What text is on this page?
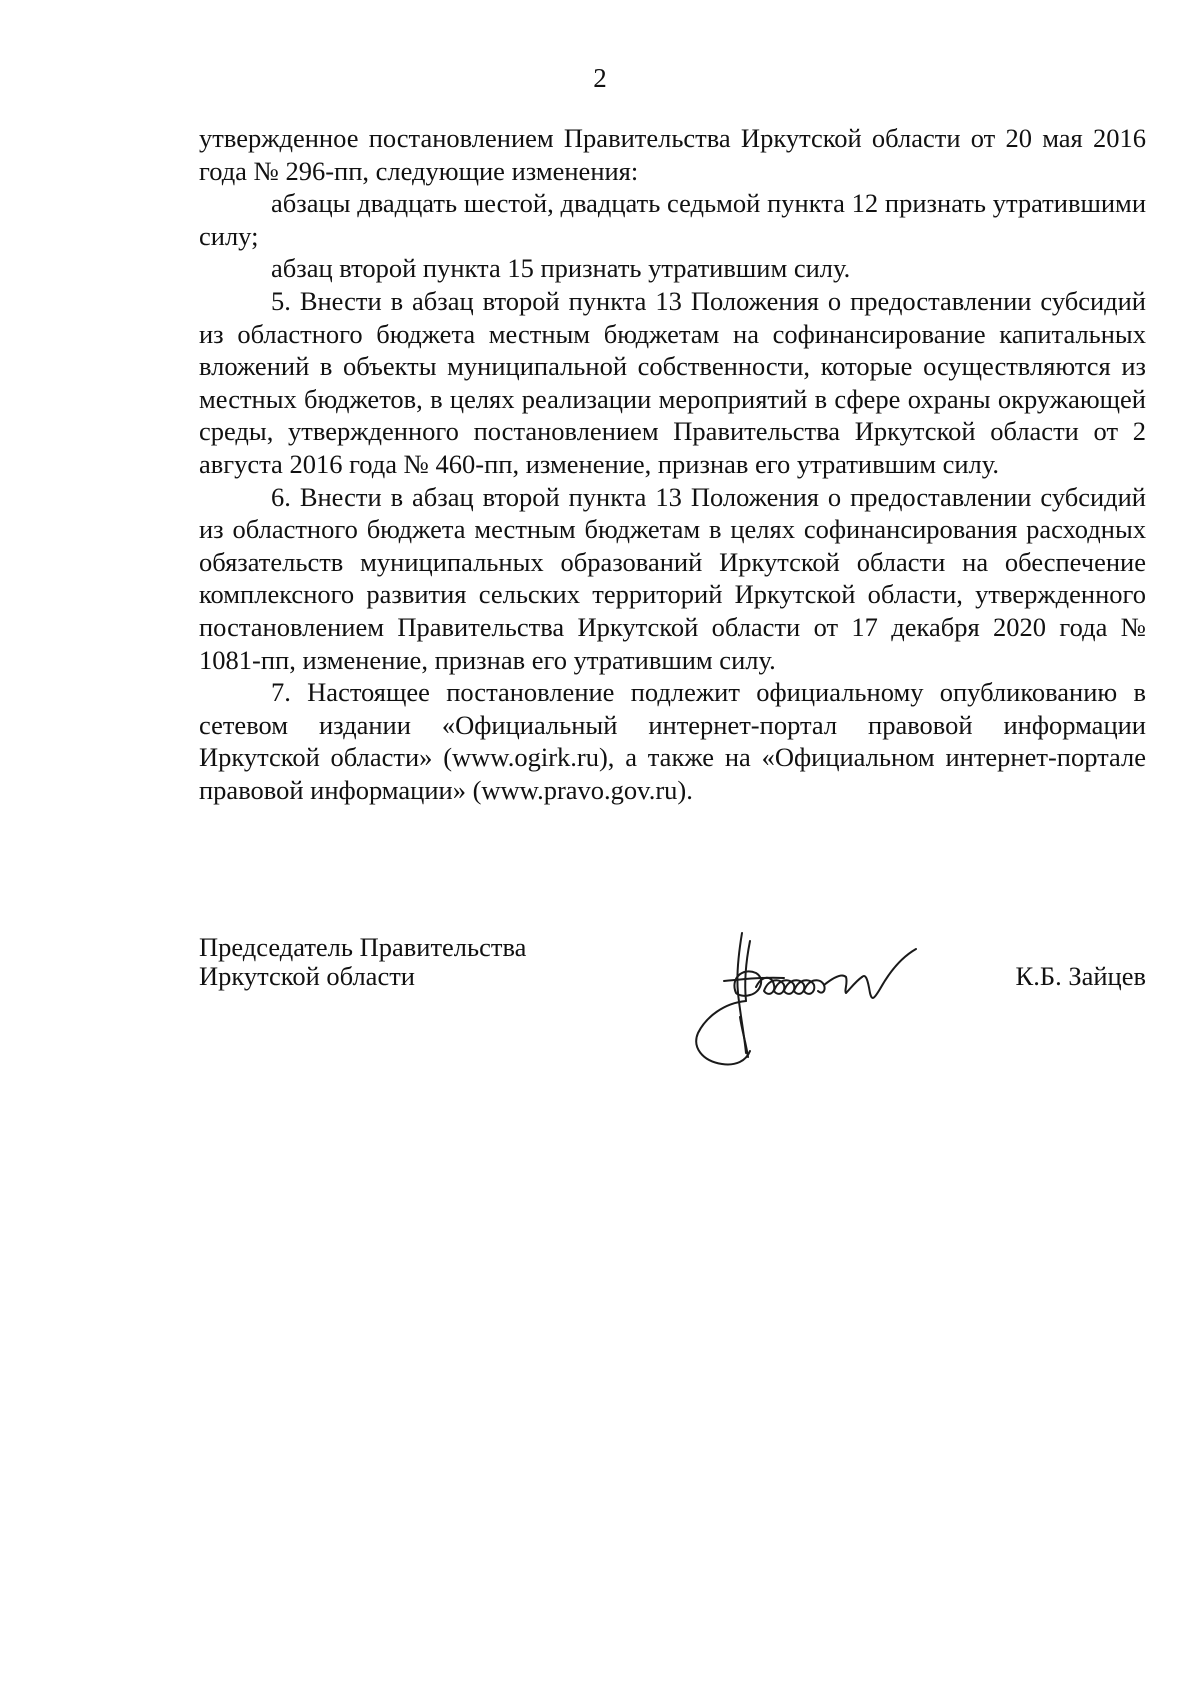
2

утвержденное постановлением Правительства Иркутской области от 20 мая 2016 года № 296-пп, следующие изменения:

абзацы двадцать шестой, двадцать седьмой пункта 12 признать утратившими силу;

абзац второй пункта 15 признать утратившим силу.

5. Внести в абзац второй пункта 13 Положения о предоставлении субсидий из областного бюджета местным бюджетам на софинансирование капитальных вложений в объекты муниципальной собственности, которые осуществляются из местных бюджетов, в целях реализации мероприятий в сфере охраны окружающей среды, утвержденного постановлением Правительства Иркутской области от 2 августа 2016 года № 460-пп, изменение, признав его утратившим силу.

6. Внести в абзац второй пункта 13 Положения о предоставлении субсидий из областного бюджета местным бюджетам в целях софинансирования расходных обязательств муниципальных образований Иркутской области на обеспечение комплексного развития сельских территорий Иркутской области, утвержденного постановлением Правительства Иркутской области от 17 декабря 2020 года № 1081-пп, изменение, признав его утратившим силу.

7. Настоящее постановление подлежит официальному опубликованию в сетевом издании «Официальный интернет-портал правовой информации Иркутской области» (www.ogirk.ru), а также на «Официальном интернет-портале правовой информации» (www.pravo.gov.ru).

Председатель Правительства
Иркутской области	К.Б. Зайцев
